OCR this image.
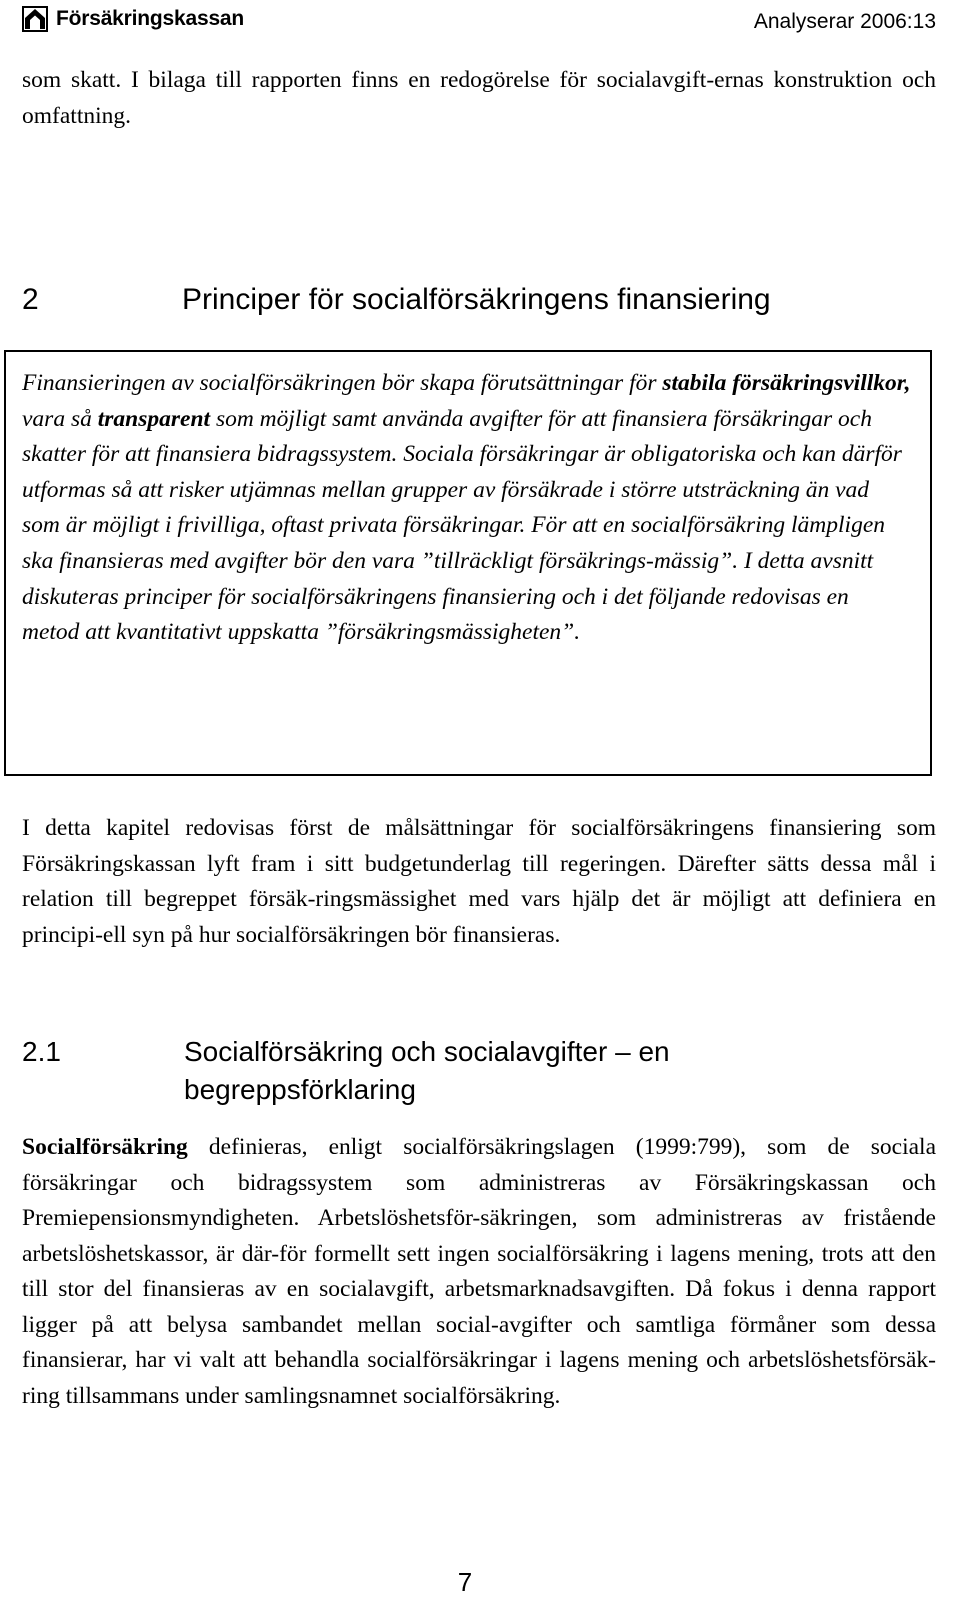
Försäkringskassan	Analyserar 2006:13

som skatt. I bilaga till rapporten finns en redogörelse för socialavgift-ernas konstruktion och omfattning.

2	Principer för socialförsäkringens finansiering

Finansieringen av socialförsäkringen bör skapa förutsättningar för stabila försäkringsvillkor, vara så transparent som möjligt samt använda avgifter för att finansiera försäkringar och skatter för att finansiera bidragssystem. Sociala försäkringar är obligatoriska och kan därför utformas så att risker utjämnas mellan grupper av försäkrade i större utsträckning än vad som är möjligt i frivilliga, oftast privata försäkringar. För att en socialförsäkring lämpligen ska finansieras med avgifter bör den vara ”tillräckligt försäkrings-mässig”. I detta avsnitt diskuteras principer för socialförsäkringens finansiering och i det följande redovisas en metod att kvantitativt uppskatta ”försäkringsmässigheten”.

I detta kapitel redovisas först de målsättningar för socialförsäkringens finansiering som Försäkringskassan lyft fram i sitt budgetunderlag till regeringen. Därefter sätts dessa mål i relation till begreppet försäk-ringsmässighet med vars hjälp det är möjligt att definiera en principi-ell syn på hur socialförsäkringen bör finansieras.

2.1	Socialförsäkring och socialavgifter – en begreppsförklaring

Socialförsäkring definieras, enligt socialförsäkringslagen (1999:799), som de sociala försäkringar och bidragssystem som administreras av Försäkringskassan och Premiepensionsmyndigheten. Arbetslöshetsför-säkringen, som administreras av fristående arbetslöshetskassor, är där-för formellt sett ingen socialförsäkring i lagens mening, trots att den till stor del finansieras av en socialavgift, arbetsmarknadsavgiften. Då fokus i denna rapport ligger på att belysa sambandet mellan social-avgifter och samtliga förmåner som dessa finansierar, har vi valt att behandla socialförsäkringar i lagens mening och arbetslöshetsförsäk-ring tillsammans under samlingsnamnet socialförsäkring.

7
